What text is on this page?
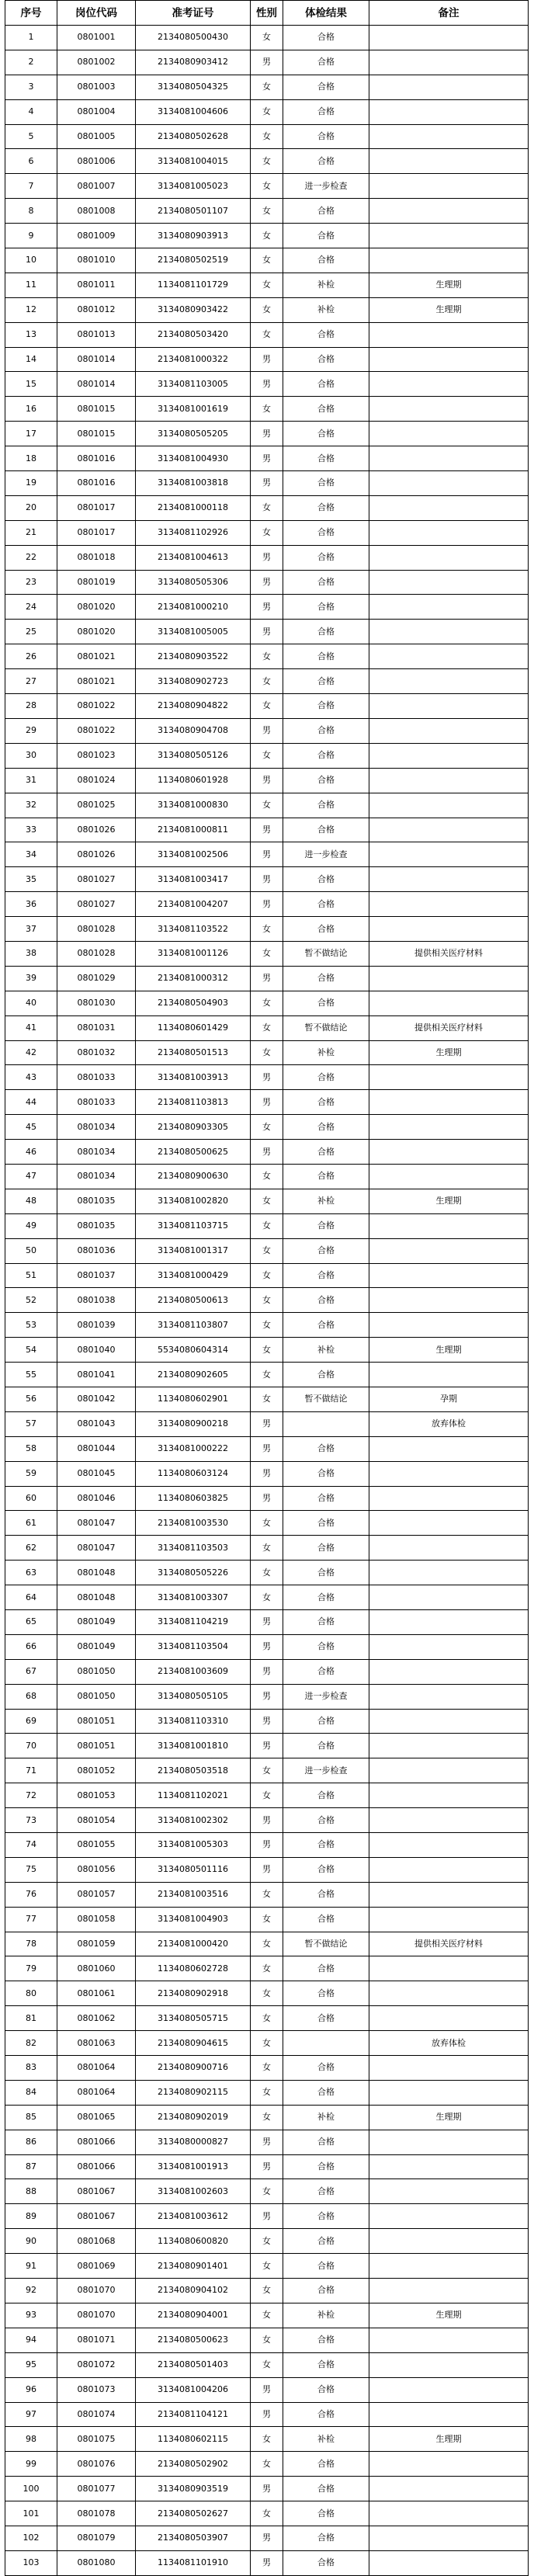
序号	岗位代码	准考证号	性别	体检结果	备注
1	0801001	2134080500430	女	合格	
2	0801002	2134080903412	男	合格	
3	0801003	3134080504325	女	合格	
4	0801004	3134081004606	女	合格	
5	0801005	2134080502628	女	合格	
6	0801006	3134081004015	女	合格	
7	0801007	3134081005023	女	进一步检查	
8	0801008	2134080501107	女	合格	
9	0801009	3134080903913	女	合格	
10	0801010	2134080502519	女	合格	
11	0801011	1134081101729	女	补检	生理期
12	0801012	3134080903422	女	补检	生理期
13	0801013	2134080503420	女	合格	
14	0801014	2134081000322	男	合格	
15	0801014	3134081103005	男	合格	
16	0801015	3134081001619	女	合格	
17	0801015	3134080505205	男	合格	
18	0801016	3134081004930	男	合格	
19	0801016	3134081003818	男	合格	
20	0801017	2134081000118	女	合格	
21	0801017	3134081102926	女	合格	
22	0801018	2134081004613	男	合格	
23	0801019	3134080505306	男	合格	
24	0801020	2134081000210	男	合格	
25	0801020	3134081005005	男	合格	
26	0801021	2134080903522	女	合格	
27	0801021	3134080902723	女	合格	
28	0801022	2134080904822	女	合格	
29	0801022	3134080904708	男	合格	
30	0801023	3134080505126	女	合格	
31	0801024	1134080601928	男	合格	
32	0801025	3134081000830	女	合格	
33	0801026	2134081000811	男	合格	
34	0801026	3134081002506	男	进一步检查	
35	0801027	3134081003417	男	合格	
36	0801027	2134081004207	男	合格	
37	0801028	3134081103522	女	合格	
38	0801028	3134081001126	女	暂不做结论	提供相关医疗材料
39	0801029	2134081000312	男	合格	
40	0801030	2134080504903	女	合格	
41	0801031	1134080601429	女	暂不做结论	提供相关医疗材料
42	0801032	2134080501513	女	补检	生理期
43	0801033	3134081003913	男	合格	
44	0801033	2134081103813	男	合格	
45	0801034	2134080903305	女	合格	
46	0801034	2134080500625	男	合格	
47	0801034	2134080900630	女	合格	
48	0801035	3134081002820	女	补检	生理期
49	0801035	3134081103715	女	合格	
50	0801036	3134081001317	女	合格	
51	0801037	3134081000429	女	合格	
52	0801038	2134080500613	女	合格	
53	0801039	3134081103807	女	合格	
54	0801040	5534080604314	女	补检	生理期
55	0801041	2134080902605	女	合格	
56	0801042	1134080602901	女	暂不做结论	孕期
57	0801043	3134080900218	男		放弃体检
58	0801044	3134081000222	男	合格	
59	0801045	1134080603124	男	合格	
60	0801046	1134080603825	男	合格	
61	0801047	2134081003530	女	合格	
62	0801047	3134081103503	女	合格	
63	0801048	3134080505226	女	合格	
64	0801048	3134081003307	女	合格	
65	0801049	3134081104219	男	合格	
66	0801049	3134081103504	男	合格	
67	0801050	2134081003609	男	合格	
68	0801050	3134080505105	男	进一步检查	
69	0801051	3134081103310	男	合格	
70	0801051	3134081001810	男	合格	
71	0801052	2134080503518	女	进一步检查	
72	0801053	1134081102021	女	合格	
73	0801054	3134081002302	男	合格	
74	0801055	3134081005303	男	合格	
75	0801056	3134080501116	男	合格	
76	0801057	2134081003516	女	合格	
77	0801058	3134081004903	女	合格	
78	0801059	2134081000420	女	暂不做结论	提供相关医疗材料
79	0801060	1134080602728	女	合格	
80	0801061	2134080902918	女	合格	
81	0801062	3134080505715	女	合格	
82	0801063	2134080904615	女		放弃体检
83	0801064	2134080900716	女	合格	
84	0801064	2134080902115	女	合格	
85	0801065	2134080902019	女	补检	生理期
86	0801066	3134080000827	男	合格	
87	0801066	3134081001913	男	合格	
88	0801067	3134081002603	女	合格	
89	0801067	2134081003612	男	合格	
90	0801068	1134080600820	女	合格	
91	0801069	2134080901401	女	合格	
92	0801070	2134080904102	女	合格	
93	0801070	2134080904001	女	补检	生理期
94	0801071	2134080500623	女	合格	
95	0801072	2134080501403	女	合格	
96	0801073	3134081004206	男	合格	
97	0801074	2134081104121	男	合格	
98	0801075	1134080602115	女	补检	生理期
99	0801076	2134080502902	女	合格	
100	0801077	3134080903519	男	合格	
101	0801078	2134080502627	女	合格	
102	0801079	2134080503907	男	合格	
103	0801080	1134081101910	男	合格	
